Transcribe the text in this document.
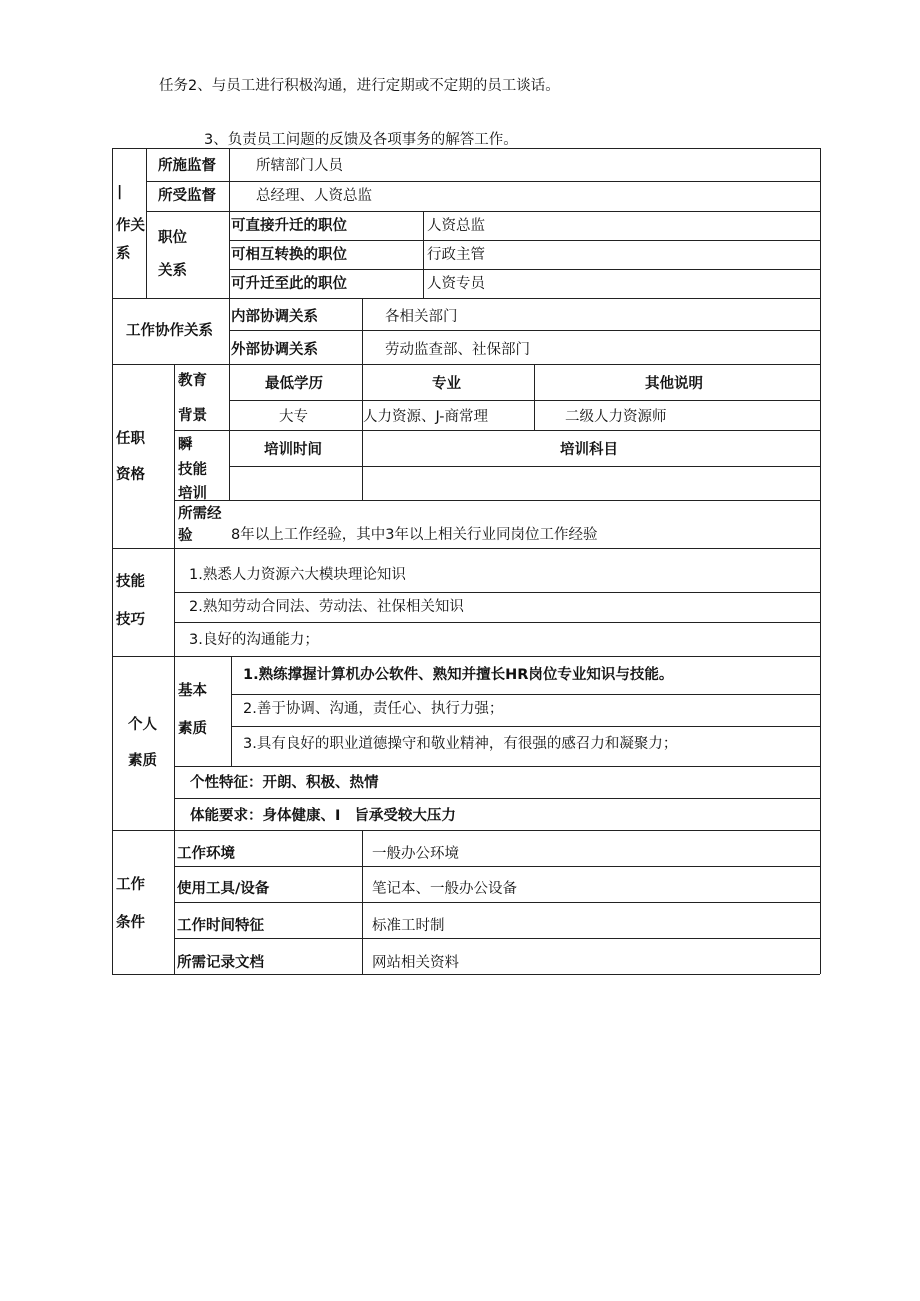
任务2、与员工进行积极沟通，进行定期或不定期的员工谈话。
3、负责员工问题的反馈及各项事务的解答工作。
|
作关
系
所施监督	所辖部门人员
所受监督	总经理、人资总监
职位
关系
可直接升迁的职位	人资总监
可相互转换的职位	行政主管
可升迁至此的职位	人资专员
工作协作关系
内部协调关系	各相关部门
外部协调关系	劳动监查部、社保部门
任职
资格
教育
背景
最低学历	专业	其他说明
大专	人力资源、J-商常理	二级人力资源师
瞬
技能
培训
培训时间	培训科目
所需经
验	8年以上工作经验，其中3年以上相关行业同岗位工作经验
技能
技巧
1.熟悉人力资源六大模块理论知识
2.熟知劳动合同法、劳动法、社保相关知识
3.良好的沟通能力；
个人
素质
基本
素质
1.熟练撑握计算机办公软件、熟知并擅长HR岗位专业知识与技能。
2.善于协调、沟通，责任心、执行力强；
3.具有良好的职业道德操守和敬业精神，有很强的感召力和凝聚力；
个性特征：开朗、积极、热情
体能要求：身体健康、I 旨承受较大压力
工作
条件
工作环境	一般办公环境
使用工具/设备	笔记本、一般办公设备
工作时间特征	标准工时制
所需记录文档	网站相关资料
